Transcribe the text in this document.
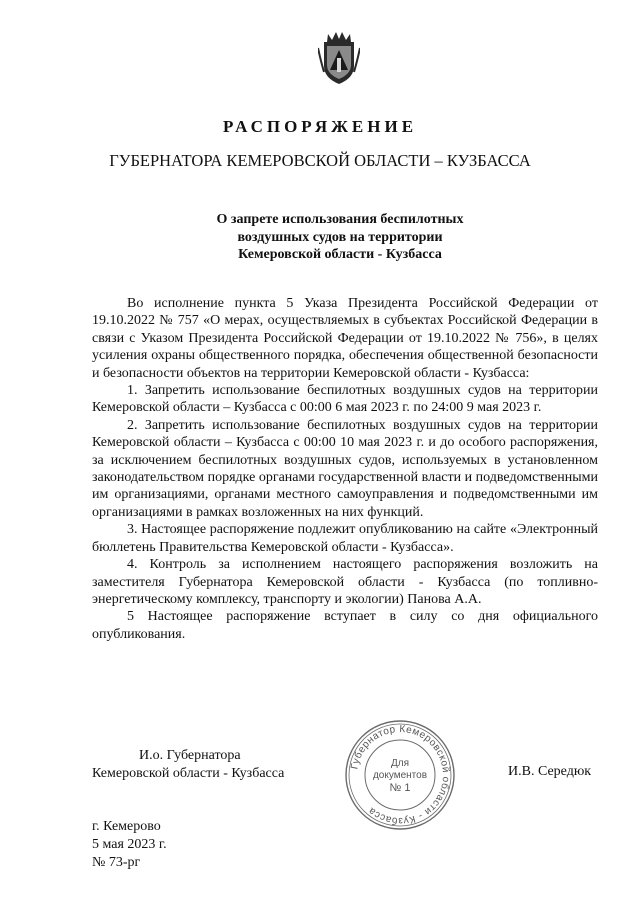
РАСПОРЯЖЕНИЕ
ГУБЕРНАТОРА КЕМЕРОВСКОЙ ОБЛАСТИ – КУЗБАССА
О запрете использования беспилотных
воздушных судов на территории
Кемеровской области - Кузбасса

Во исполнение пункта 5 Указа Президента Российской Федерации от 19.10.2022 № 757 «О мерах, осуществляемых в субъектах Российской Федерации в связи с Указом Президента Российской Федерации от 19.10.2022 № 756», в целях усиления охраны общественного порядка, обеспечения общественной безопасности и безопасности объектов на территории Кемеровской области - Кузбасса:

1. Запретить использование беспилотных воздушных судов на территории Кемеровской области – Кузбасса с 00:00 6 мая 2023 г. по 24:00 9 мая 2023 г.

2. Запретить использование беспилотных воздушных судов на территории Кемеровской области – Кузбасса с 00:00 10 мая 2023 г. и до особого распоряжения, за исключением беспилотных воздушных судов, используемых в установленном законодательством порядке органами государственной власти и подведомственными им организациями, органами местного самоуправления и подведомственными им организациями в рамках возложенных на них функций.

3. Настоящее распоряжение подлежит опубликованию на сайте «Электронный бюллетень Правительства Кемеровской области - Кузбасса».

4. Контроль за исполнением настоящего распоряжения возложить на заместителя Губернатора Кемеровской области - Кузбасса (по топливно-энергетическому комплексу, транспорту и экологии) Панова А.А.

5 Настоящее распоряжение вступает в силу со дня официального опубликования.

И.о. Губернатора
Кемеровской области - Кузбасса	Губернатор Кемеровской области - Кузбасса
Для
документов
№ 1
И.В. Середюк
г. Кемерово
5 мая 2023 г.
№ 73-рг
